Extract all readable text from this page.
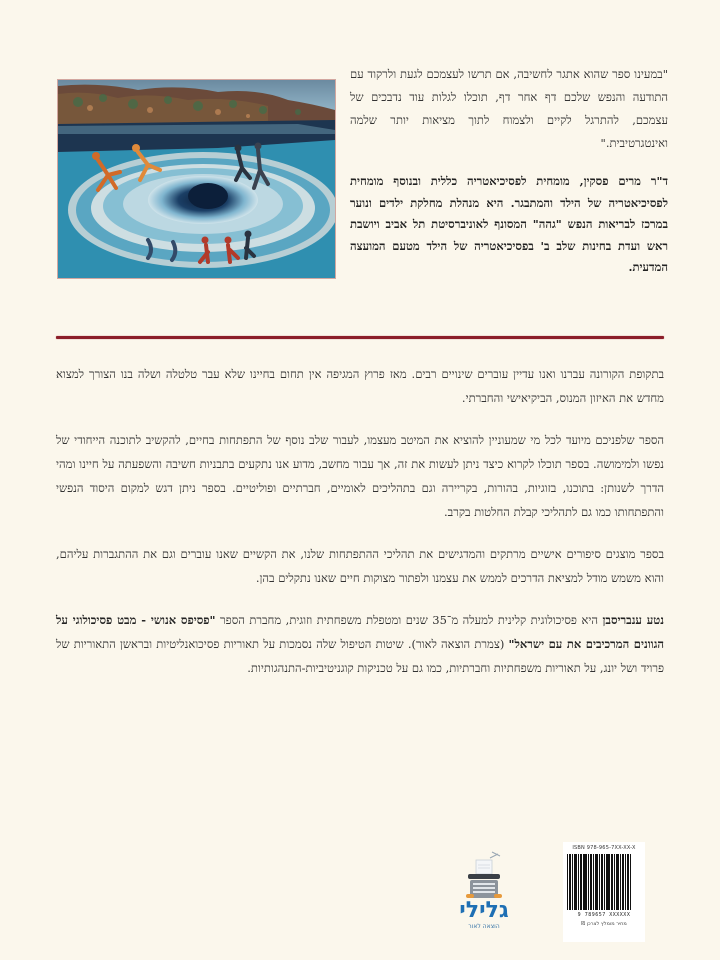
"במעינו ספר שהוא אתגר לחשיבה, אם תרשו לעצמכם לגעת ולרקוד עם התודעה והנפש שלכם דף אחר דף, תוכלו לגלות עוד נדבכים של עצמכם, להתרגל לקיים ולצמוח לתוך מציאות יותר שלמה ואינטגרטיבית."

ד"ר מרים פסקין, מומחית לפסיכיאטריה כללית ובנוסף מומחית לפסיכיאטריה של הילד והמתבגר. היא מנהלת מחלקת ילדים ונוער במרכז לבריאות הנפש "גהה" המסונף לאוניברסיטת תל אביב ויושבת ראש ועדת בחינות שלב ב' בפסיכיאטריה של הילד מטעם המועצה המדעית.

בתקופת הקורונה עברנו ואנו עדיין עוברים שינויים רבים. מאז פרוץ המגיפה אין תחום בחיינו שלא עבר טלטלה ושלה בנו הצורך למצוא מחדש את האיזון המנוס, הביקיאישי והחברתי.

הספר שלפניכם מיועד לכל מי שמעוניין להוציא את המיטב מעצמו, לעבור שלב נוסף של התפתחות בחיים, להקשיב לתוכנה הייחודי של נפשו ולמימושה. בספר תוכלו לקרוא כיצד ניתן לעשות את זה, אך עבור מחשב, מדוע אנו נתקעים בתבניות חשיבה והשפעתה על חיינו ומהי הדרך לשנותן: בתוכנו, בזוגיות, בהורות, בקריירה וגם בתהליכים לאומיים, חברתיים ופוליטיים. בספר ניתן דגש למקום היסוד הנפשי והתפתחותו כמו גם לתהליכי קבלת החלטות בקרב.

בספר מוצגים סיפורים אישיים מרתקים והמדגישים את תהליכי ההתפתחות שלנו, את הקשיים שאנו עוברים וגם את ההתגברות עליהם, והוא משמש מודל למציאת הדרכים לממש את עצמנו ולפתור מצוקות חיים שאנו נתקלים בהן.

נטע ענבריסבן היא פסיכולוגית קלינית למעלה מ־35 שנים ומטפלת משפחתית וזוגית, מחברת הספר "פסיפס אנושי - מבט פסיכולוגי על הגוונים המרכיבים את עם ישראל" (צמרת הוצאה לאור). שיטות הטיפול שלה נסמכות על תאוריות פסיכואנליטיות ובראשן התאוריות של פרויד ושל יונג, על תאוריות משפחתיות וחברתיות, כמו גם על טכניקות קוגניטיביות-התנהגותיות.

גלילי
הוצאה לאור
ISBN 978-965-7XX-XX-X
9 789657 XXXXXX
מחיר מומלץ לצרכן ₪
